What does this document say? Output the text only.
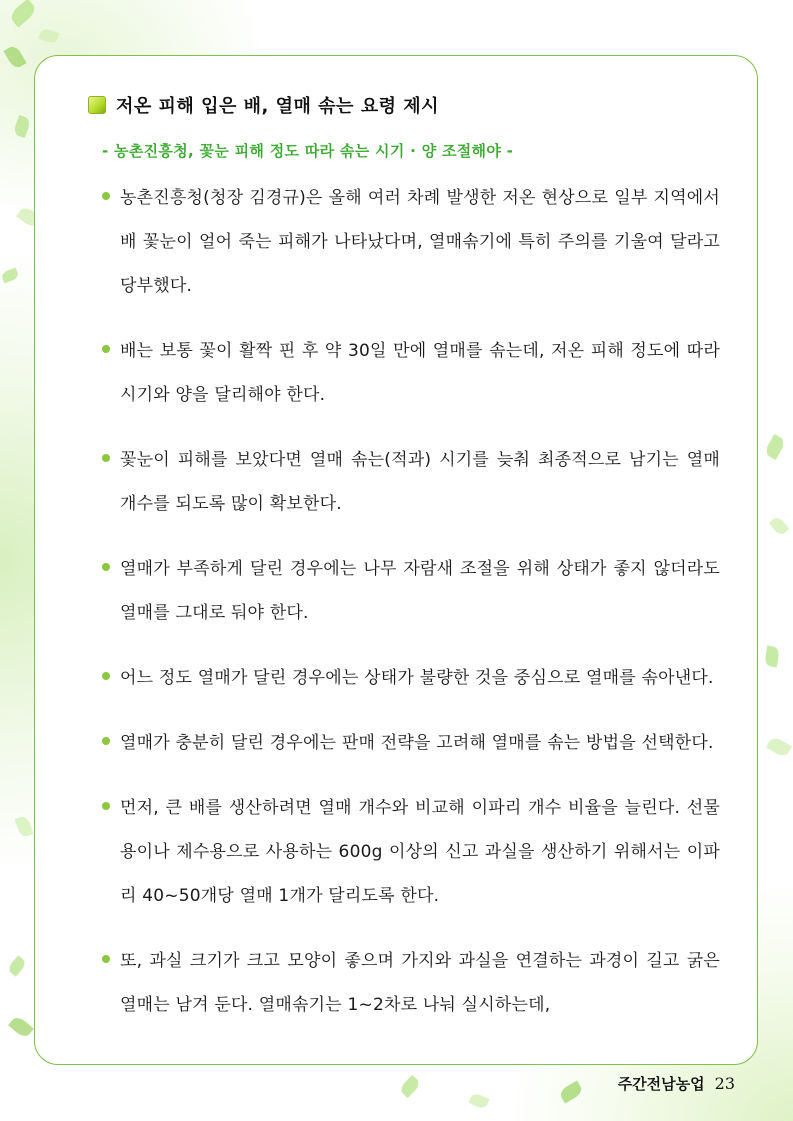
저온 피해 입은 배, 열매 솎는 요령 제시
- 농촌진흥청, 꽃눈 피해 정도 따라 솎는 시기 · 양 조절해야 -
농촌진흥청(청장 김경규)은 올해 여러 차례 발생한 저온 현상으로 일부 지역에서 배 꽃눈이 얼어 죽는 피해가 나타났다며, 열매솎기에 특히 주의를 기울여 달라고 당부했다.
배는 보통 꽃이 활짝 핀 후 약 30일 만에 열매를 솎는데, 저온 피해 정도에 따라 시기와 양을 달리해야 한다.
꽃눈이 피해를 보았다면 열매 솎는(적과) 시기를 늦춰 최종적으로 남기는 열매 개수를 되도록 많이 확보한다.
열매가 부족하게 달린 경우에는 나무 자람새 조절을 위해 상태가 좋지 않더라도 열매를 그대로 둬야 한다.
어느 정도 열매가 달린 경우에는 상태가 불량한 것을 중심으로 열매를 솎아낸다.
열매가 충분히 달린 경우에는 판매 전략을 고려해 열매를 솎는 방법을 선택한다.
먼저, 큰 배를 생산하려면 열매 개수와 비교해 이파리 개수 비율을 늘린다. 선물용이나 제수용으로 사용하는 600g 이상의 신고 과실을 생산하기 위해서는 이파리 40~50개당 열매 1개가 달리도록 한다.
또, 과실 크기가 크고 모양이 좋으며 가지와 과실을 연결하는 과경이 길고 굵은 열매는 남겨 둔다. 열매솎기는 1~2차로 나눠 실시하는데,
주간전남농업 23
